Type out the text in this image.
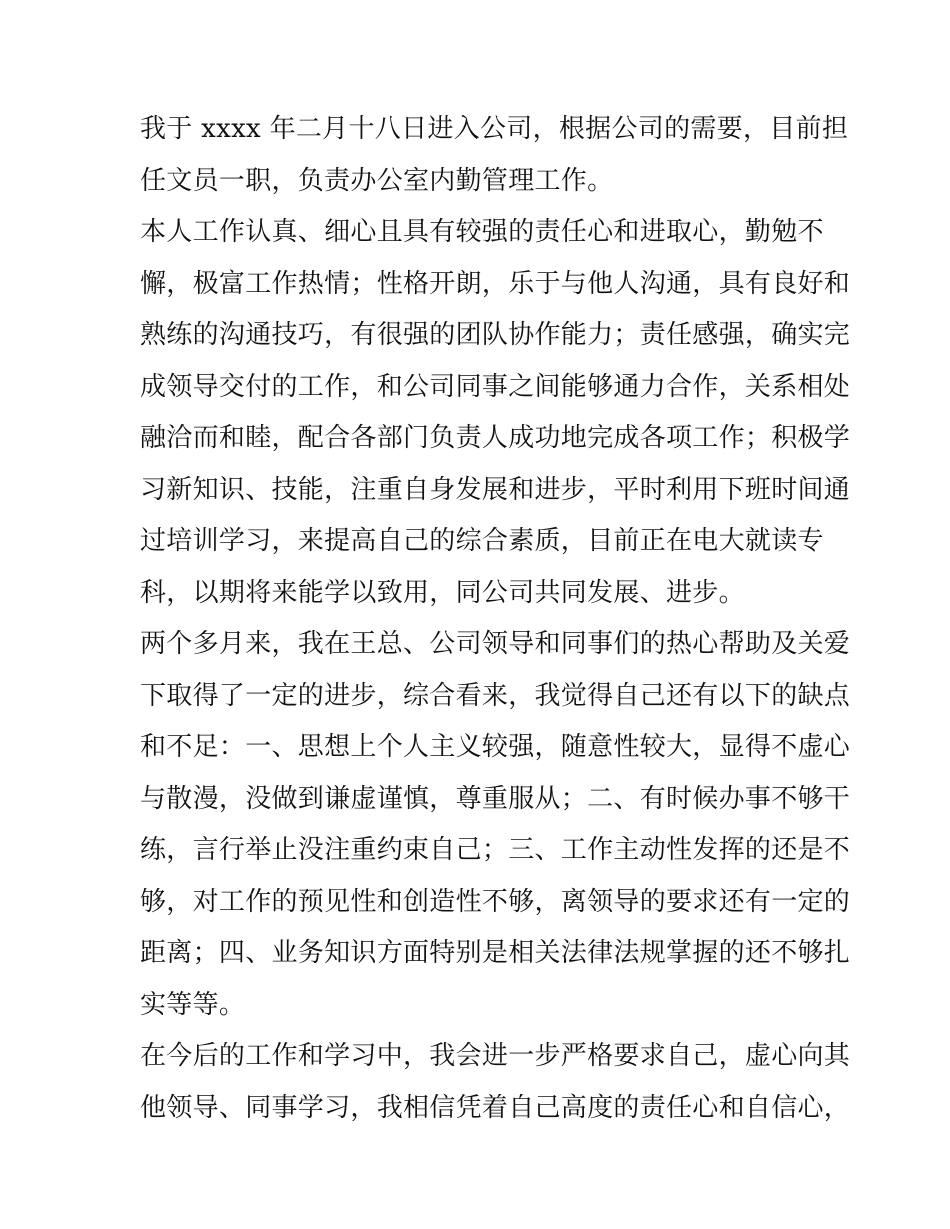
我于 xxxx 年二月十八日进入公司，根据公司的需要，目前担
任文员一职，负责办公室内勤管理工作。
本人工作认真、细心且具有较强的责任心和进取心，勤勉不
懈，极富工作热情；性格开朗，乐于与他人沟通，具有良好和
熟练的沟通技巧，有很强的团队协作能力；责任感强，确实完
成领导交付的工作，和公司同事之间能够通力合作，关系相处
融洽而和睦，配合各部门负责人成功地完成各项工作；积极学
习新知识、技能，注重自身发展和进步，平时利用下班时间通
过培训学习，来提高自己的综合素质，目前正在电大就读专
科，以期将来能学以致用，同公司共同发展、进步。
两个多月来，我在王总、公司领导和同事们的热心帮助及关爱
下取得了一定的进步，综合看来，我觉得自己还有以下的缺点
和不足：一、思想上个人主义较强，随意性较大，显得不虚心
与散漫，没做到谦虚谨慎，尊重服从；二、有时候办事不够干
练，言行举止没注重约束自己；三、工作主动性发挥的还是不
够，对工作的预见性和创造性不够，离领导的要求还有一定的
距离；四、业务知识方面特别是相关法律法规掌握的还不够扎
实等等。
在今后的工作和学习中，我会进一步严格要求自己，虚心向其
他领导、同事学习，我相信凭着自己高度的责任心和自信心，
